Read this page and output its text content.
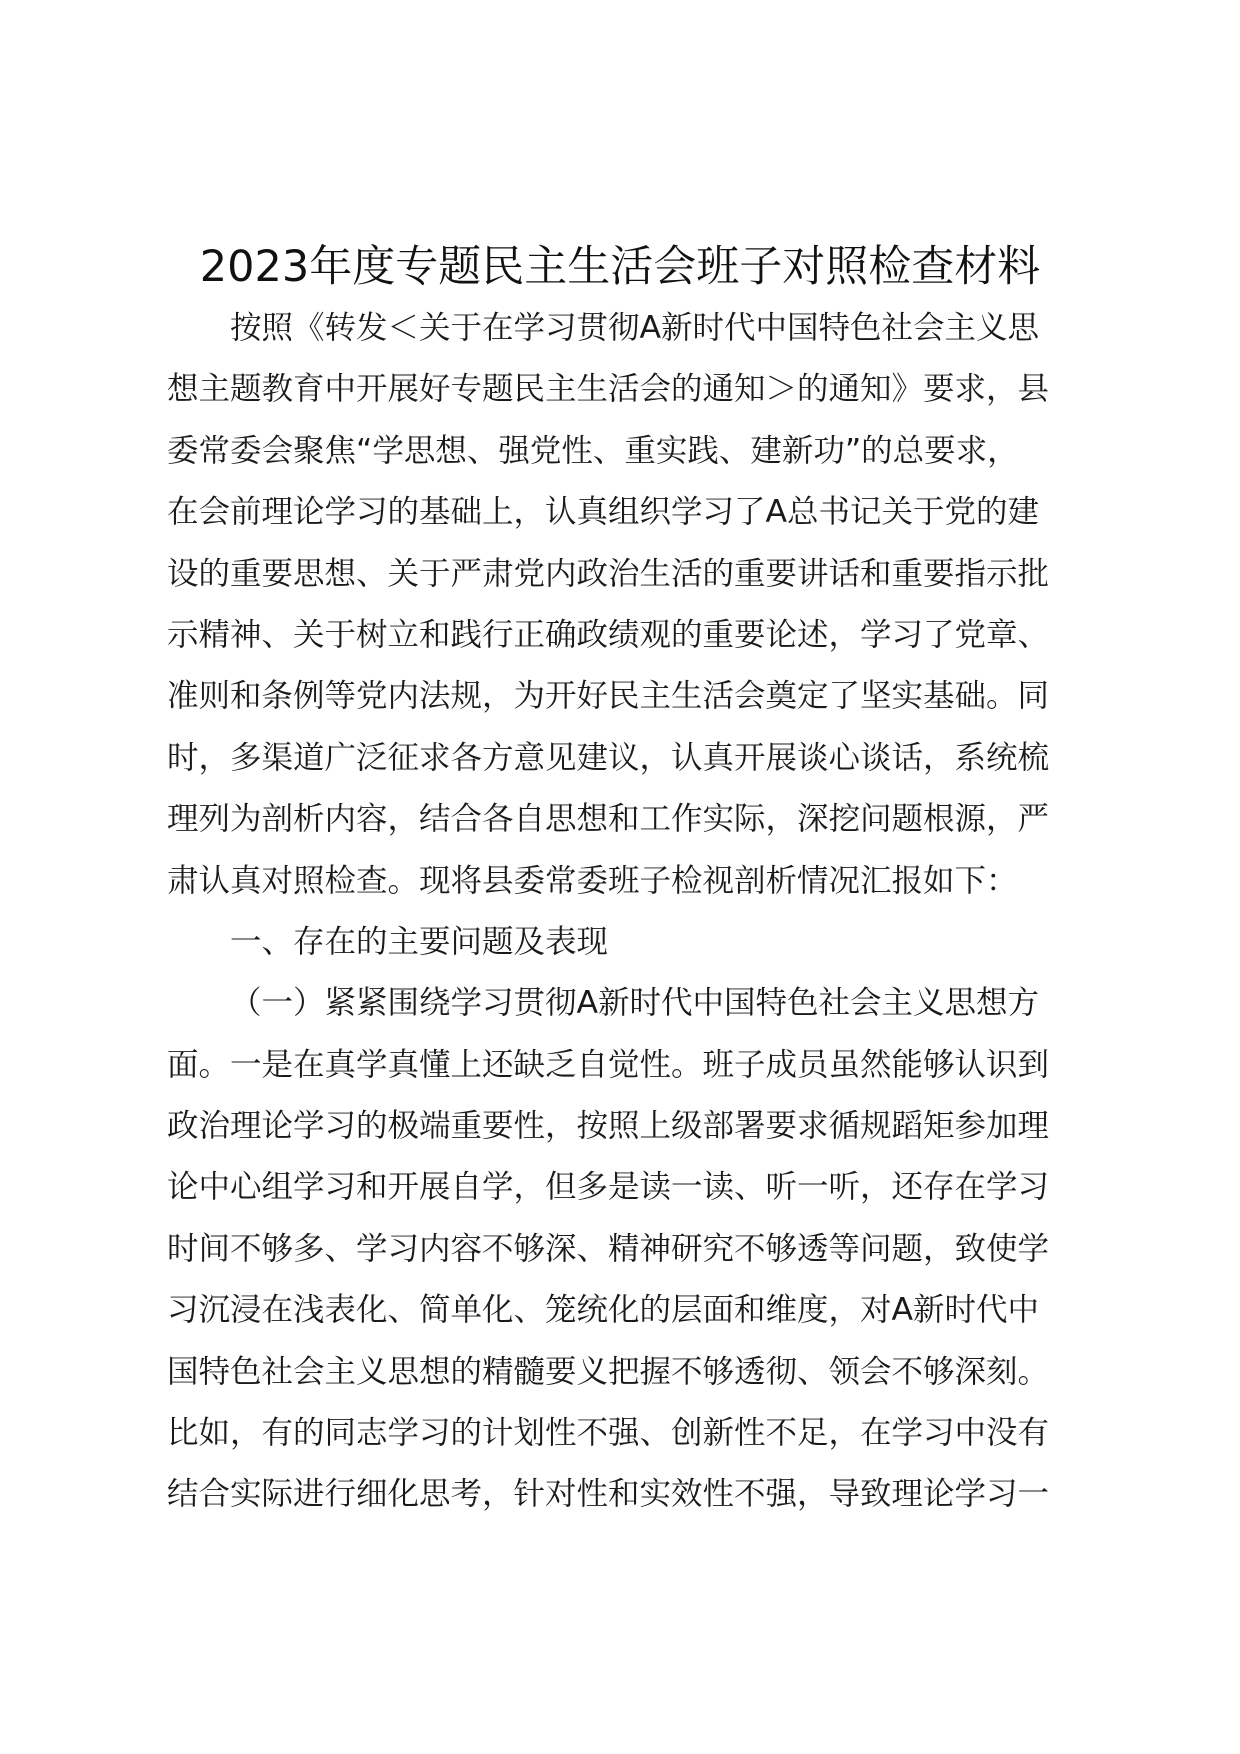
2023年度专题民主生活会班子对照检查材料
按照《转发＜关于在学习贯彻A新时代中国特色社会主义思
想主题教育中开展好专题民主生活会的通知＞的通知》要求，县
委常委会聚焦“学思想、强党性、重实践、建新功”的总要求，
在会前理论学习的基础上，认真组织学习了A总书记关于党的建
设的重要思想、关于严肃党内政治生活的重要讲话和重要指示批
示精神、关于树立和践行正确政绩观的重要论述，学习了党章、
准则和条例等党内法规，为开好民主生活会奠定了坚实基础。同
时，多渠道广泛征求各方意见建议，认真开展谈心谈话，系统梳
理列为剖析内容，结合各自思想和工作实际，深挖问题根源，严
肃认真对照检查。现将县委常委班子检视剖析情况汇报如下：
一、存在的主要问题及表现
（一）紧紧围绕学习贯彻A新时代中国特色社会主义思想方
面。一是在真学真懂上还缺乏自觉性。班子成员虽然能够认识到
政治理论学习的极端重要性，按照上级部署要求循规蹈矩参加理
论中心组学习和开展自学，但多是读一读、听一听，还存在学习
时间不够多、学习内容不够深、精神研究不够透等问题，致使学
习沉浸在浅表化、简单化、笼统化的层面和维度，对A新时代中
国特色社会主义思想的精髓要义把握不够透彻、领会不够深刻。
比如，有的同志学习的计划性不强、创新性不足，在学习中没有
结合实际进行细化思考，针对性和实效性不强，导致理论学习一
